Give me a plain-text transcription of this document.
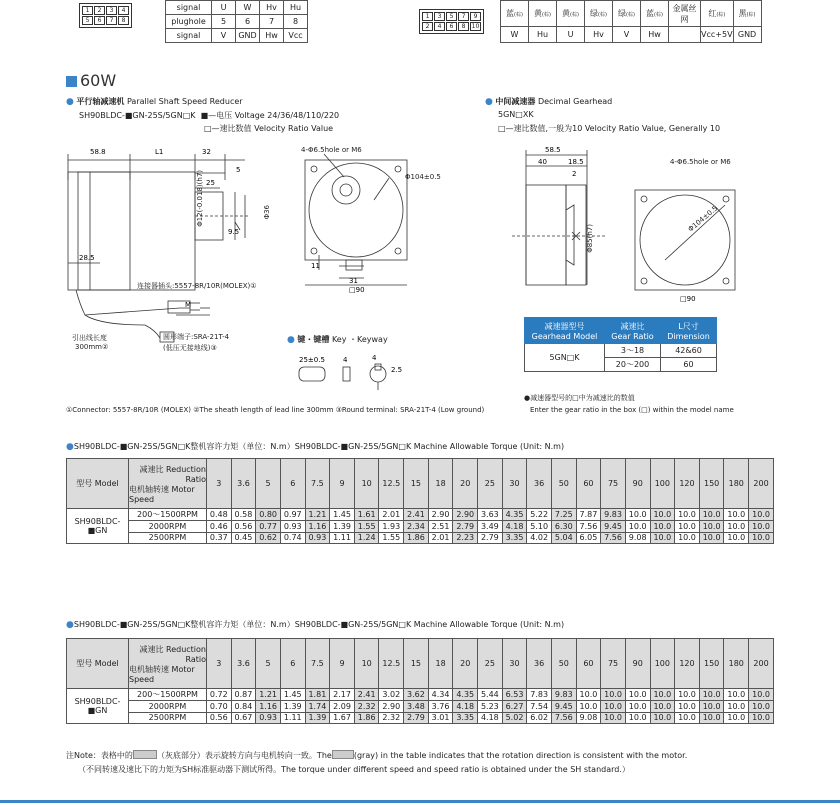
1	2	3	4
5	6	7	8
signal	U	W	Hv	Hu
plughole	5	6	7	8
signal	V	GND	Hw	Vcc
1	3	5	7	9
2	4	6	8	10
蓝(棕)	黄(棕)	黄(棕)	绿(棕)	绿(棕)	蓝(棕)	金属丝网	红(棕)	黑(棕)
W	Hu	U	Hv	V	Hw		Vcc+5V	GND
60W
● 平行轴减速机 Parallel Shaft Speed Reducer
SH90BLDC-■GN-25S/5GN□K ■—电压 Voltage 24/36/48/110/220
□—速比数值 Velocity Ratio Value
58.8	L1	32
25
5
9.5
28.5
M
Φ12(-0.018)(h7)	Φ36
连接器插头:5557-8R/10R(MOLEX)①
引出线长度
300mm②
圆形端子:SRA-21T-4
(低压无接地线)③
□90
31
11
4-Φ6.5hole or M6
Φ104±0.5
● 键・键槽 Key ・Keyway
25±0.5	4	4
2.5
①Connector: 5557-8R/10R (MOLEX) ②The sheath length of lead line 300mm ③Round terminal: SRA-21T-4 (Low ground)
● 中间减速器 Decimal Gearhead
5GN□XK
□—速比数值,一般为10 Velocity Ratio Value, Generally 10
58.5
40	18.5
2
Φ85(h7)
□90
4-Φ6.5hole or M6
Φ104±0.5
减速器型号
Gearhead Model	减速比
Gear Ratio	L尺寸
Dimension
5GN□K	3～18	42&60
	20～200	60
●减速器型号的□中为减速比的数值
Enter the gear ratio in the box (□) within the model name
●SH90BLDC-■GN-25S/5GN□K整机容许力矩（单位：N.m）SH90BLDC-■GN-25S/5GN□K Machine Allowable Torque (Unit: N.m)
型号 Model	减速比 Reduction Ratio
电机轴转速 Motor Speed	3	3.6	5	6	7.5	9	10	12.5	15	18	20	25	30	36	50	60	75	90	100	120	150	180	200
SH90BLDC-■GN	200～1500RPM	0.48	0.58	0.80	0.97	1.21	1.45	1.61	2.01	2.41	2.90	2.90	3.63	4.35	5.22	7.25	7.87	9.83	10.0	10.0	10.0	10.0	10.0	10.0
	2000RPM	0.46	0.56	0.77	0.93	1.16	1.39	1.55	1.93	2.34	2.51	2.79	3.49	4.18	5.10	6.30	7.56	9.45	10.0	10.0	10.0	10.0	10.0	10.0
	2500RPM	0.37	0.45	0.62	0.74	0.93	1.11	1.24	1.55	1.86	2.01	2.23	2.79	3.35	4.02	5.04	6.05	7.56	9.08	10.0	10.0	10.0	10.0	10.0
●SH90BLDC-■GN-25S/5GN□K整机容许力矩（单位：N.m）SH90BLDC-■GN-25S/5GN□K Machine Allowable Torque (Unit: N.m)
型号 Model	减速比 Reduction Ratio
电机轴转速 Motor Speed	3	3.6	5	6	7.5	9	10	12.5	15	18	20	25	30	36	50	60	75	90	100	120	150	180	200
SH90BLDC-■GN	200～1500RPM	0.72	0.87	1.21	1.45	1.81	2.17	2.41	3.02	3.62	4.34	4.35	5.44	6.53	7.83	9.83	10.0	10.0	10.0	10.0	10.0	10.0	10.0	10.0
	2000RPM	0.70	0.84	1.16	1.39	1.74	2.09	2.32	2.90	3.48	3.76	4.18	5.23	6.27	7.54	9.45	10.0	10.0	10.0	10.0	10.0	10.0	10.0	10.0
	2500RPM	0.56	0.67	0.93	1.11	1.39	1.67	1.86	2.32	2.79	3.01	3.35	4.18	5.02	6.02	7.56	9.08	10.0	10.0	10.0	10.0	10.0	10.0	10.0
注Note：表格中的	（灰底部分）表示旋转方向与电机转向一致。The	(gray) in the table indicates that the rotation direction is consistent with the motor.
（不同转速及速比下的力矩为SH标准驱动器下测试所得。The torque under different speed and speed ratio is obtained under the SH standard.）
